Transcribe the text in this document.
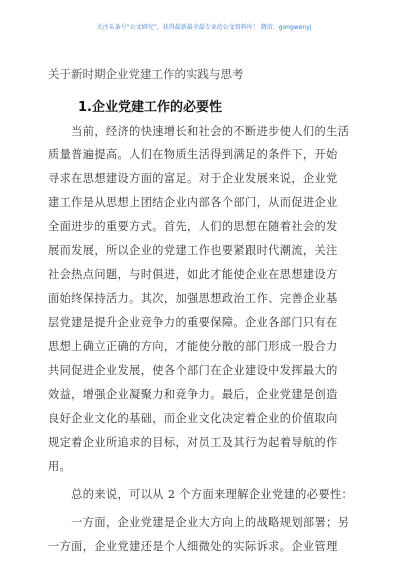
关注头条号“公文研究”，获得最新最全最专业的公文资料库！ 微信：gongwenyj
关于新时期企业党建工作的实践与思考
1.企业党建工作的必要性
　　当前，经济的快速增长和社会的不断进步使人们的生活
质量普遍提高。人们在物质生活得到满足的条件下，开始
寻求在思想建设方面的富足。对于企业发展来说，企业党
建工作是从思想上团结企业内部各个部门，从而促进企业
全面进步的重要方式。首先，人们的思想在随着社会的发
展而发展，所以企业的党建工作也要紧跟时代潮流，关注
社会热点问题，与时俱进，如此才能使企业在思想建设方
面始终保持活力。其次，加强思想政治工作、完善企业基
层党建是提升企业竞争力的重要保障。企业各部门只有在
思想上确立正确的方向，才能使分散的部门形成一股合力
共同促进企业发展，使各个部门在企业建设中发挥最大的
效益，增强企业凝聚力和竞争力。最后，企业党建是创造
良好企业文化的基础，而企业文化决定着企业的价值取向
规定着企业所追求的目标，对员工及其行为起着导航的作
用。
　　总的来说，可以从 2 个方面来理解企业党建的必要性：
　　一方面，企业党建是企业大方向上的战略规划部署；另
一方面，企业党建还是个人细微处的实际诉求。企业管理
